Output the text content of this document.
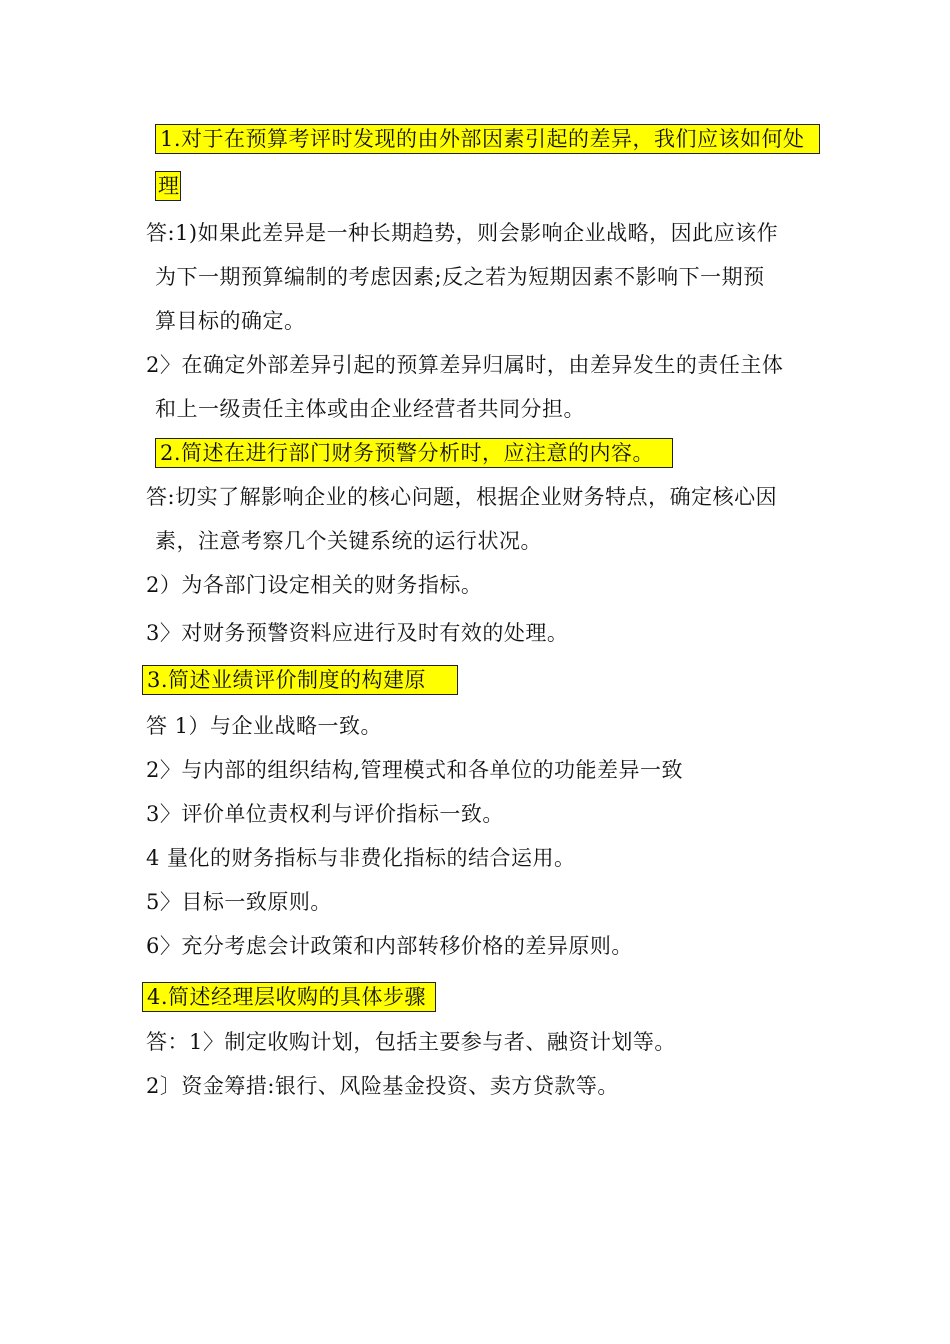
1.对于在预算考评时发现的由外部因素引起的差异，我们应该如何处
理
答:1)如果此差异是一种长期趋势，则会影响企业战略，因此应该作
为下一期预算编制的考虑因素;反之若为短期因素不影响下一期预
算目标的确定。
2〉在确定外部差异引起的预算差异归属时，由差异发生的责任主体
和上一级责任主体或由企业经营者共同分担。
2.简述在进行部门财务预警分析时，应注意的内容。
答:切实了解影响企业的核心问题，根据企业财务特点，确定核心因
素，注意考察几个关键系统的运行状况。
2）为各部门设定相关的财务指标。
3〉对财务预警资料应进行及时有效的处理。
3.简述业绩评价制度的构建原
答 1）与企业战略一致。
2〉与内部的组织结构,管理模式和各单位的功能差异一致
3〉评价单位责权利与评价指标一致。
4 量化的财务指标与非费化指标的结合运用。
5〉目标一致原则。
6〉充分考虑会计政策和内部转移价格的差异原则。
4.简述经理层收购的具体步骤
答：1〉制定收购计划，包括主要参与者、融资计划等。
2〕资金筹措:银行、风险基金投资、卖方贷款等。
